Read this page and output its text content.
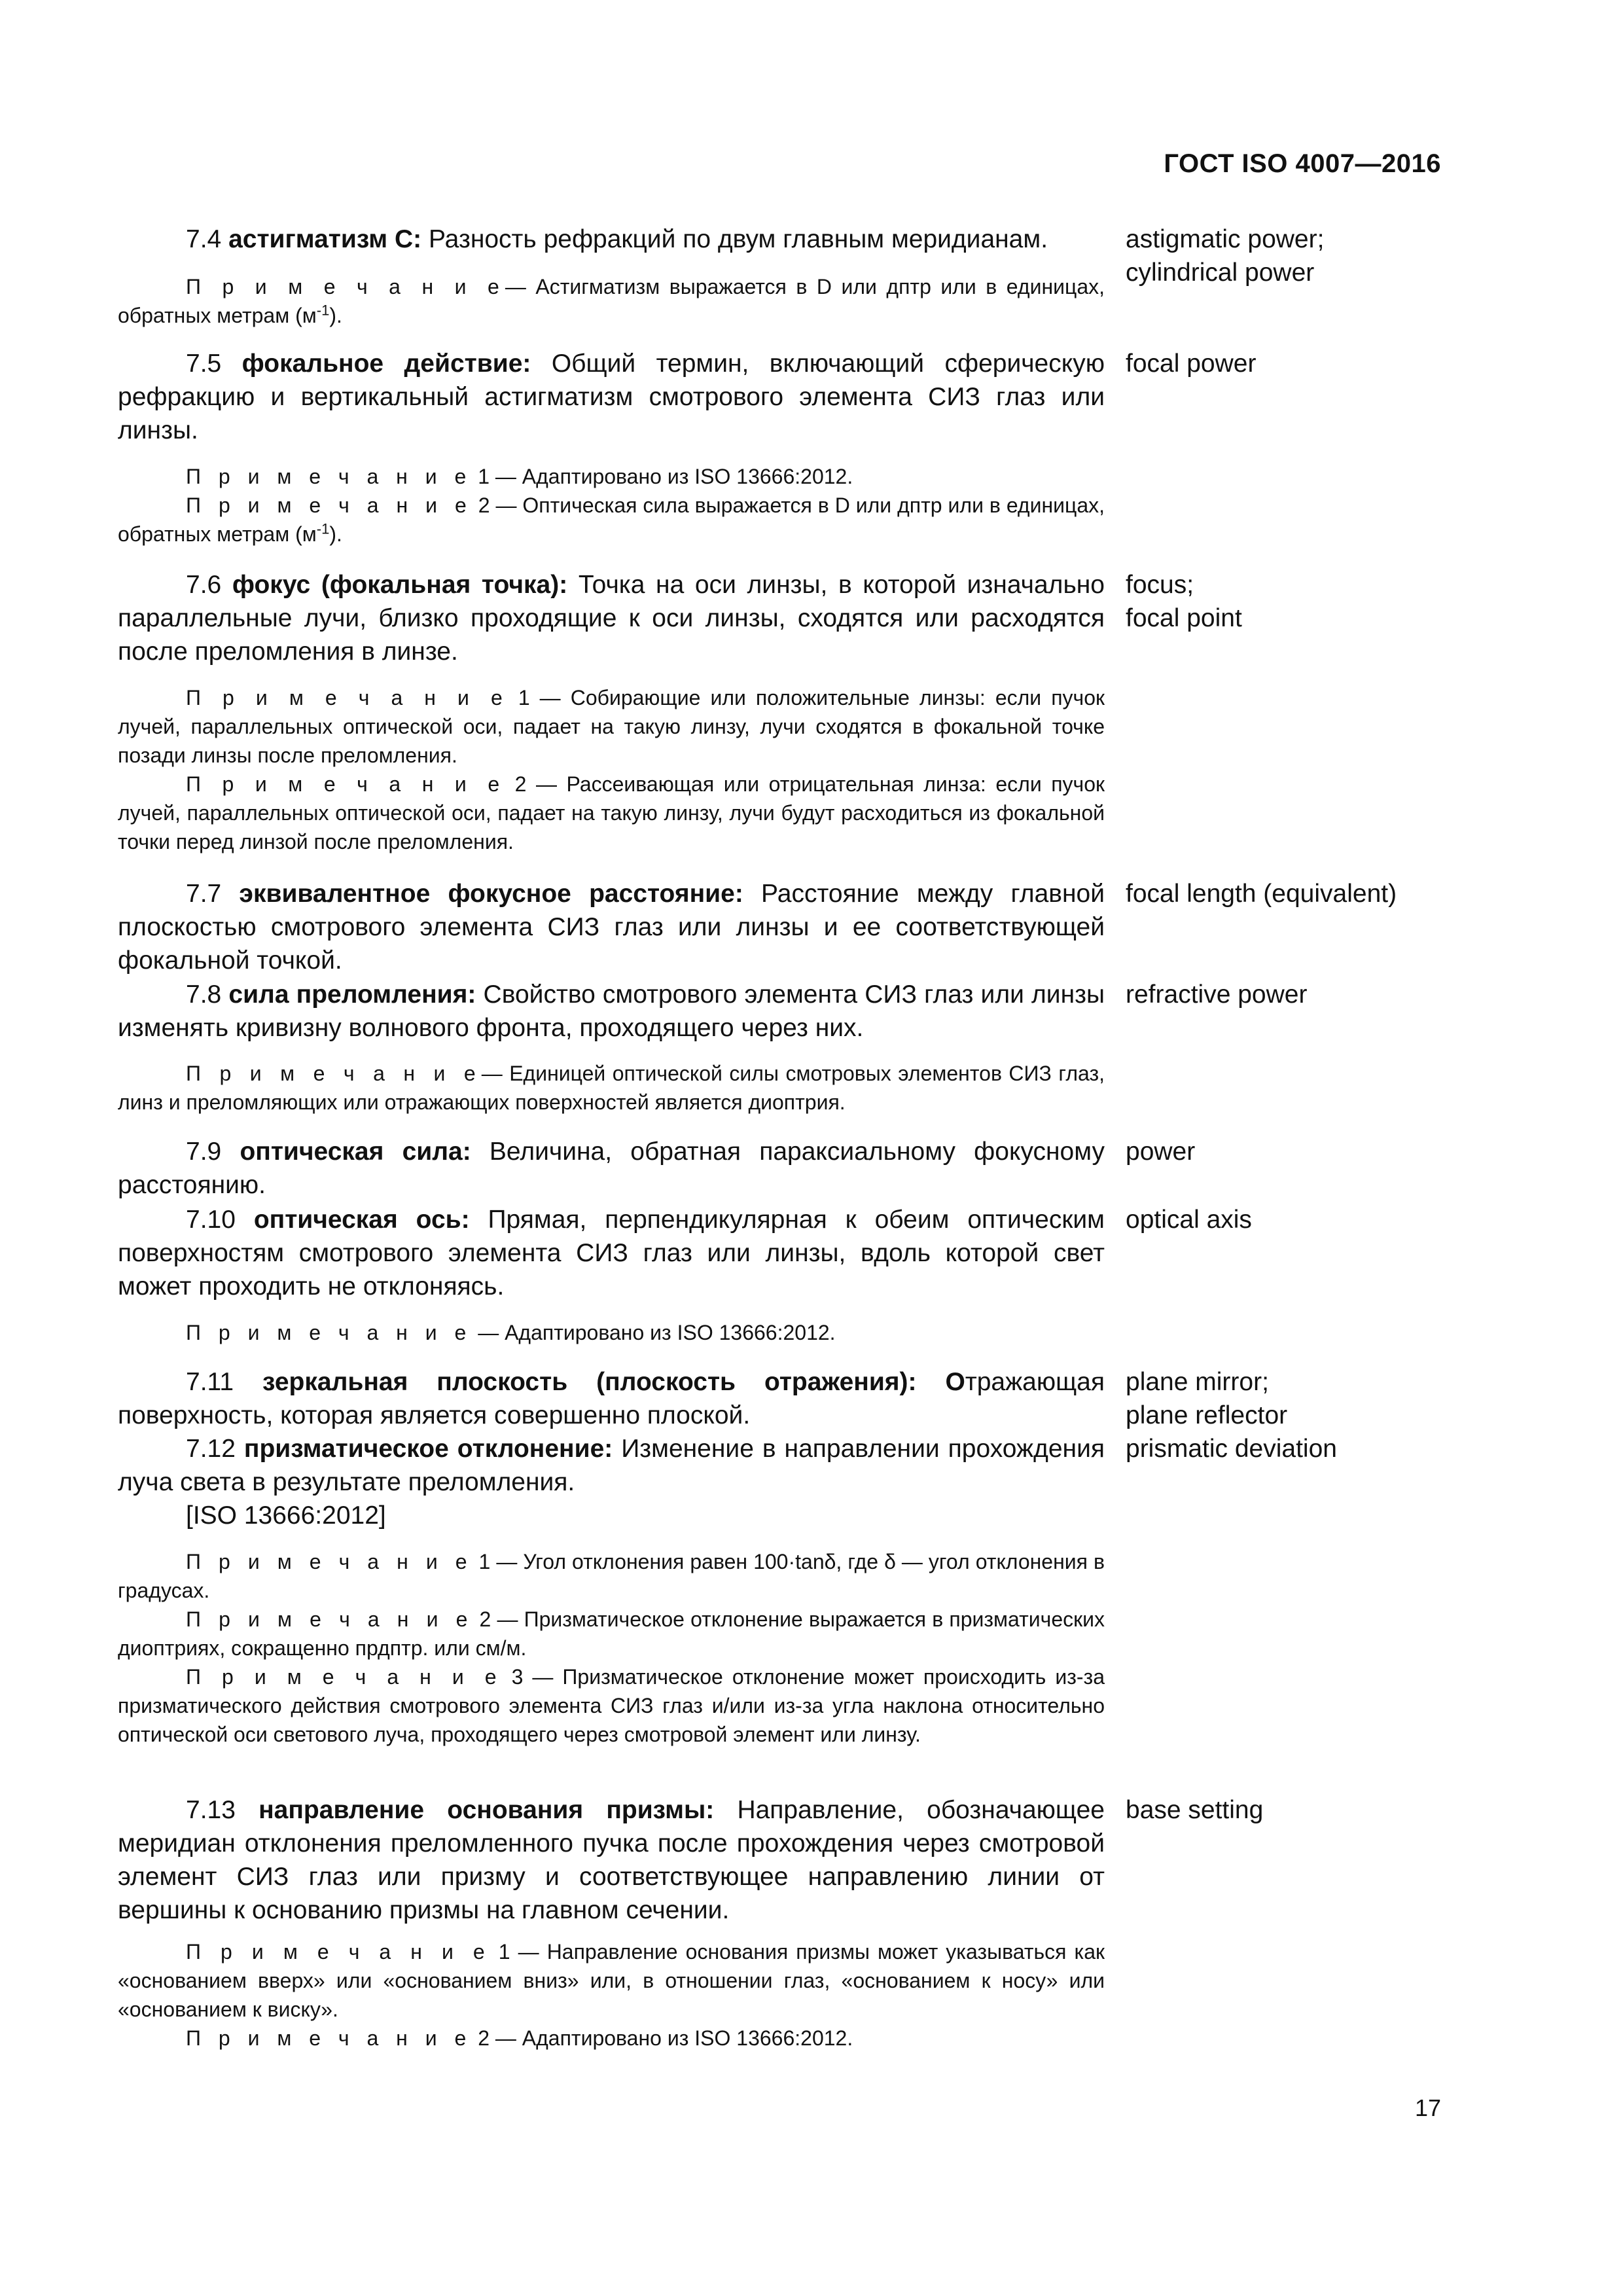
ГОСТ ISO 4007—2016

7.4 астигматизм С: Разность рефракций по двум главным меридианам.	astigmatic power;
cylindrical power

П р и м е ч а н и е— Астигматизм выражается в D или дптр или в единицах, обратных метрам $(м^{-1})$.

7.5 фокальное действие: Общий термин, включающий сферическую рефракцию и вертикальный астигматизм смотрового элемента СИЗ глаз или линзы.

focal power

П р и м е ч а н и е 1 — Адаптировано из ISO 13666:2012.

П р и м е ч а н и е 2 — Оптическая сила выражается в D или дптр или в единицах, обратных метрам $(м^{-1})$.

7.6 фокус (фокальная точка): Точка на оси линзы, в которой изначально параллельные лучи, близко проходящие к оси линзы, сходятся или расходятся после преломления в линзе.

focus;
focal point

П р и м е ч а н и е 1 — Собирающие или положительные линзы: если пучок лучей, параллельных оптической оси, падает на такую линзу, лучи сходятся в фокальной точке позади линзы после преломления.

П р и м е ч а н и е 2 — Рассеивающая или отрицательная линза: если пучок лучей, параллельных оптической оси, падает на такую линзу, лучи будут расходиться из фокальной точки перед линзой после преломления.

7.7 эквивалентное фокусное расстояние: Расстояние между главной плоскостью смотрового элемента СИЗ глаз или линзы и ее соответствующей фокальной точкой.

focal length (equivalent)

7.8 сила преломления: Свойство смотрового элемента СИЗ глаз или линзы изменять кривизну волнового фронта, проходящего через них.

refractive power

П р и м е ч а н и е— Единицей оптической силы смотровых элементов СИЗ глаз, линз и преломляющих или отражающих поверхностей является диоптрия.

7.9 оптическая сила: Величина, обратная параксиальному фокусному расстоянию.

power

7.10 оптическая ось: Прямая, перпендикулярная к обеим оптическим поверхностям смотрового элемента СИЗ глаз или линзы, вдоль которой свет может проходить не отклоняясь.

optical axis

П р и м е ч а н и е — Адаптировано из ISO 13666:2012.

7.11 зеркальная плоскость (плоскость отражения): Отражающая поверхность, которая является совершенно плоской.

plane mirror;
plane reflector

7.12 призматическое отклонение: Изменение в направлении прохождения луча света в результате преломления.

[ISO 13666:2012]

prismatic deviation

П р и м е ч а н и е 1 — Угол отклонения равен 100·tanδ, где δ — угол отклонения в градусах.

П р и м е ч а н и е 2 — Призматическое отклонение выражается в призматических диоптриях, сокращенно прдптр. или см/м.

П р и м е ч а н и е 3 — Призматическое отклонение может происходить из-за призматического действия смотрового элемента СИЗ глаз и/или из-за угла наклона относительно оптической оси светового луча, проходящего через смотровой элемент или линзу.

7.13 направление основания призмы: Направление, обозначающее меридиан отклонения преломленного пучка после прохождения через смотровой элемент СИЗ глаз или призму и соответствующее направлению линии от вершины к основанию призмы на главном сечении.

base setting

П р и м е ч а н и е 1 — Направление основания призмы может указываться как «основанием вверх» или «основанием вниз» или, в отношении глаз, «основанием к носу» или «основанием к виску».

П р и м е ч а н и е 2 — Адаптировано из ISO 13666:2012.

17
